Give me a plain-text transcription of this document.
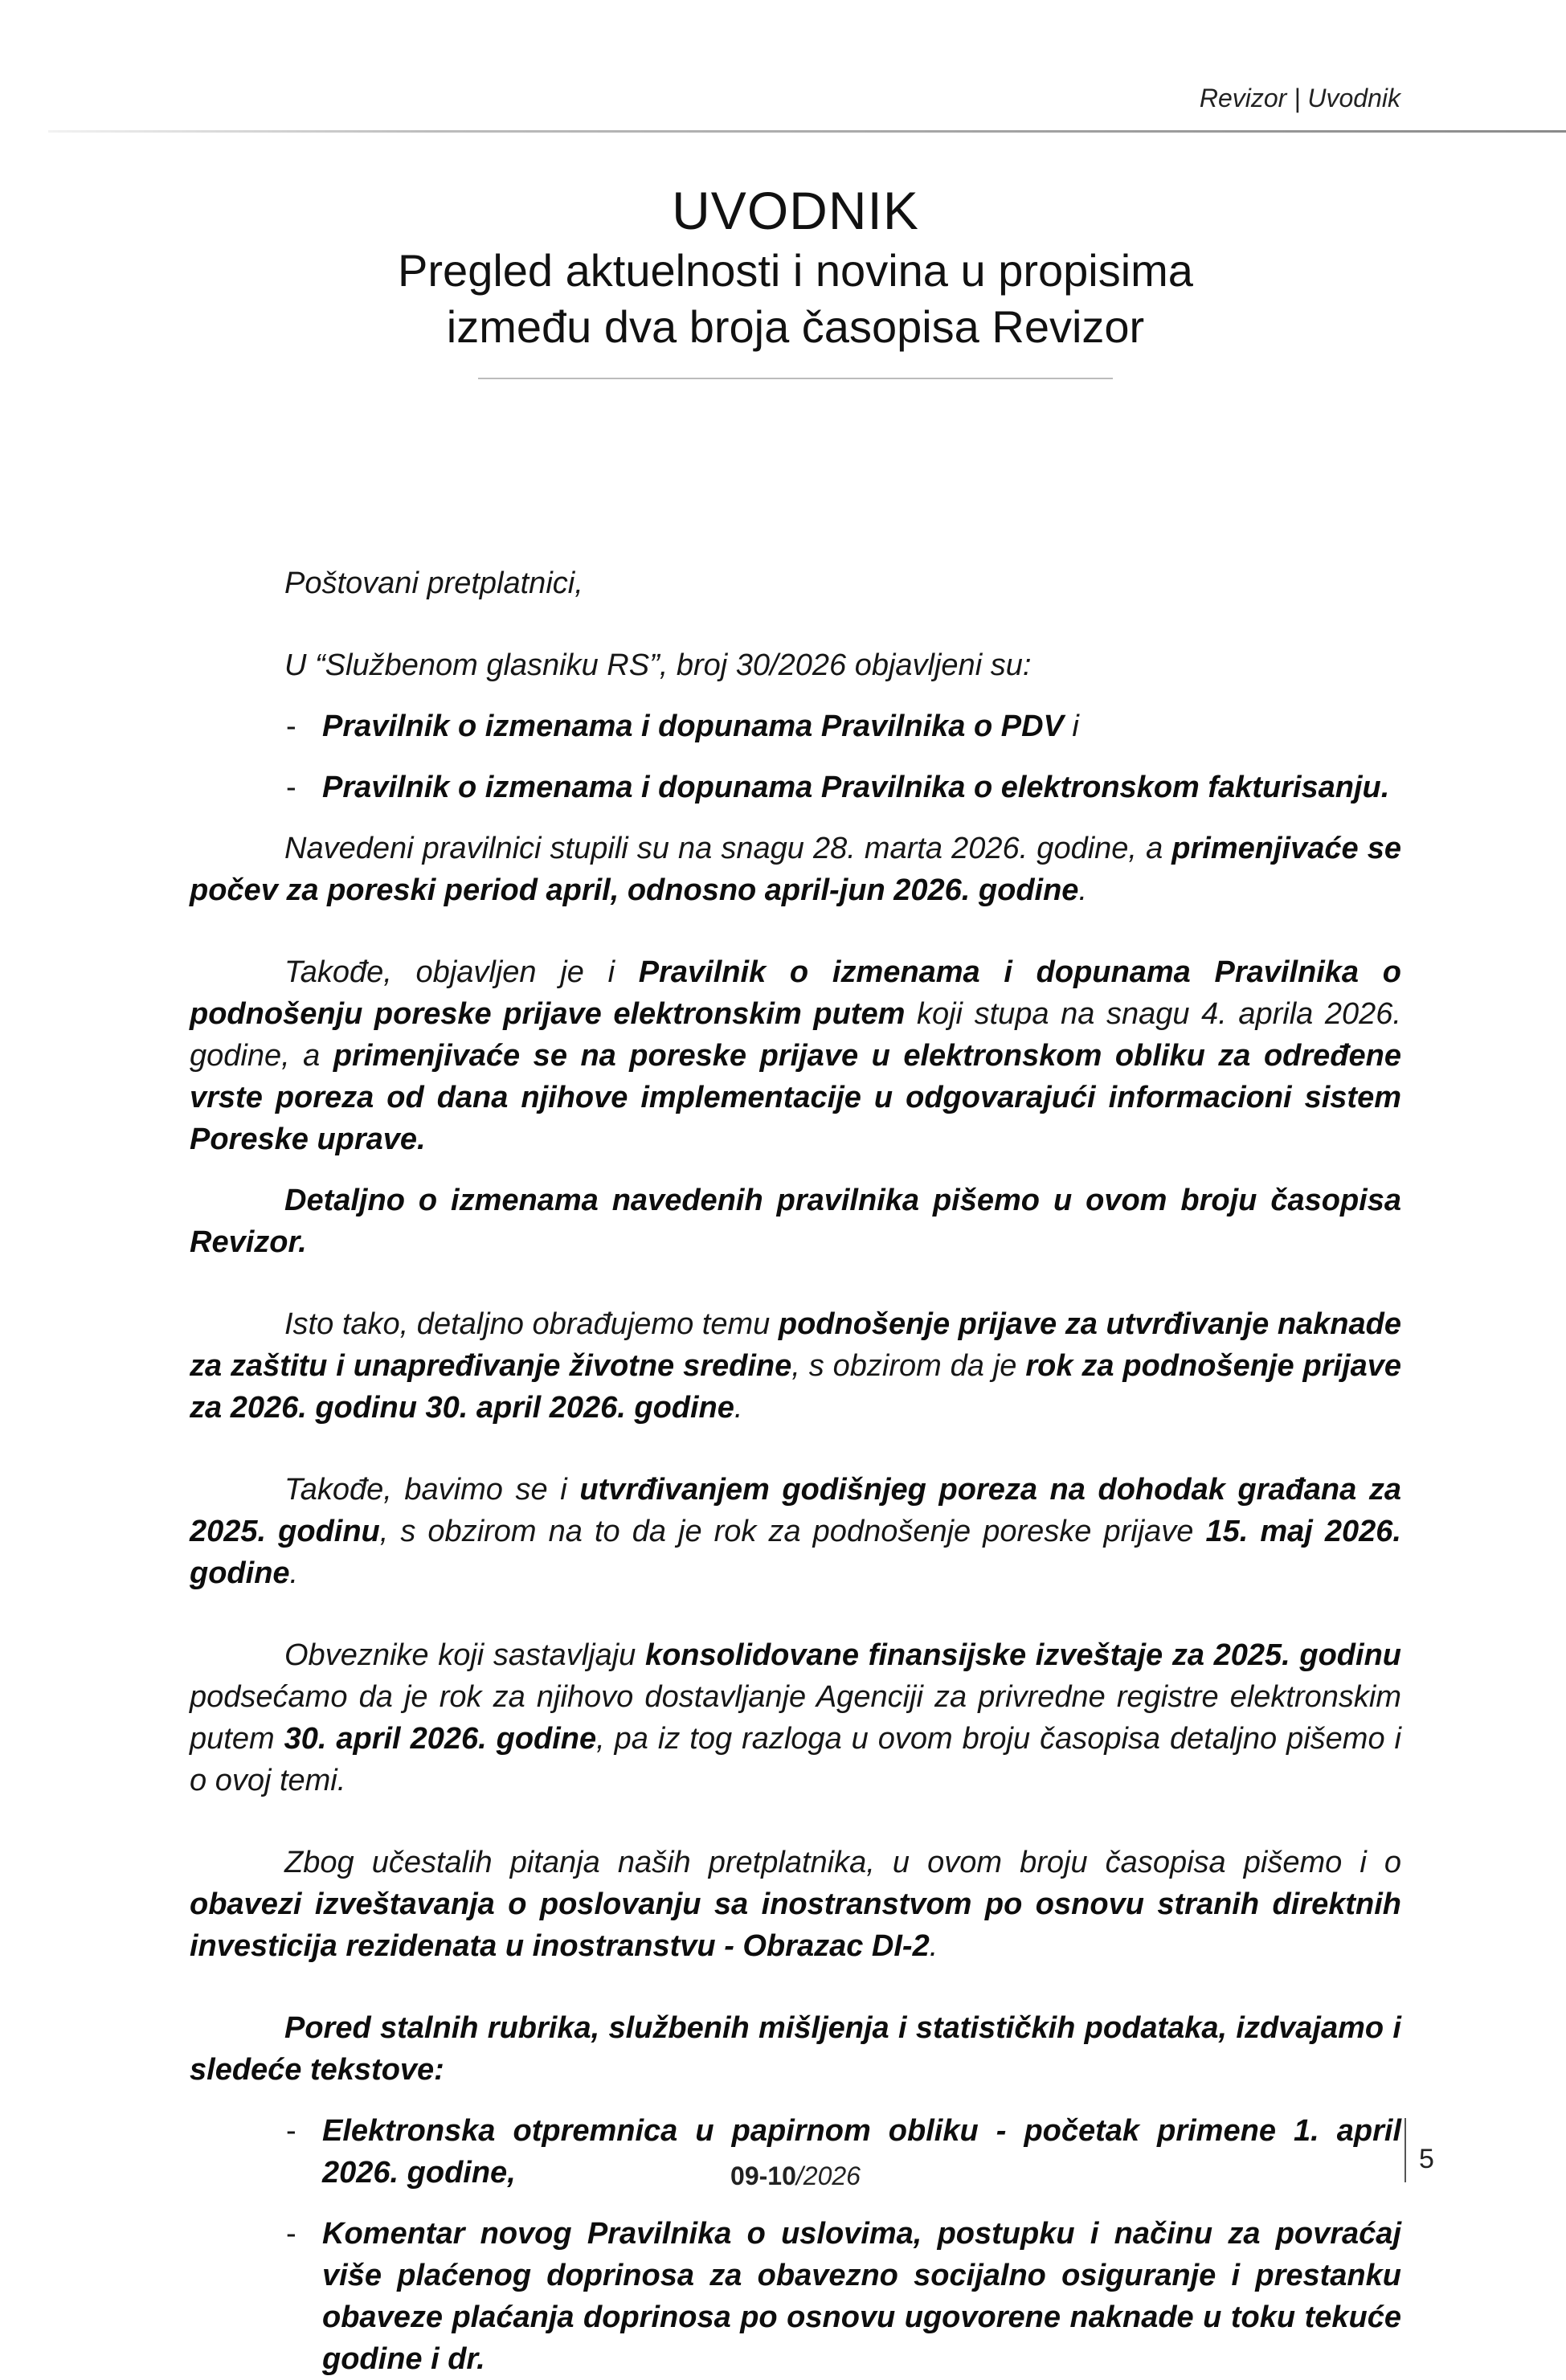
Revizor | Uvodnik
UVODNIK
Pregled aktuelnosti i novina u propisima
između dva broja časopisa Revizor

Poštovani pretplatnici,

U “Službenom glasniku RS”, broj 30/2026 objavljeni su:

- Pravilnik o izmenama i dopunama Pravilnika o PDV i
- Pravilnik o izmenama i dopunama Pravilnika o elektronskom fakturisanju.

Navedeni pravilnici stupili su na snagu 28. marta 2026. godine, a primenjivaće se počev za poreski period april, odnosno april-jun 2026. godine.

Takođe, objavljen je i Pravilnik o izmenama i dopunama Pravilnika o podnošenju poreske prijave elektronskim putem koji stupa na snagu 4. aprila 2026. godine, a primenjivaće se na poreske prijave u elektronskom obliku za određene vrste poreza od dana njihove implementacije u odgovarajući informacioni sistem Poreske uprave.

Detaljno o izmenama navedenih pravilnika pišemo u ovom broju časopisa Revizor.

Isto tako, detaljno obrađujemo temu podnošenje prijave za utvrđivanje naknade za zaštitu i unapređivanje životne sredine, s obzirom da je rok za podnošenje prijave za 2026. godinu 30. april 2026. godine.

Takođe, bavimo se i utvrđivanjem godišnjeg poreza na dohodak građana za 2025. godinu, s obzirom na to da je rok za podnošenje poreske prijave 15. maj 2026. godine.

Obveznike koji sastavljaju konsolidovane finansijske izveštaje za 2025. godinu podsećamo da je rok za njihovo dostavljanje Agenciji za privredne registre elektronskim putem 30. april 2026. godine, pa iz tog razloga u ovom broju časopisa detaljno pišemo i o ovoj temi.

Zbog učestalih pitanja naših pretplatnika, u ovom broju časopisa pišemo i o obavezi izveštavanja o poslovanju sa inostranstvom po osnovu stranih direktnih investicija rezidenata u inostranstvu - Obrazac DI-2.

Pored stalnih rubrika, službenih mišljenja i statističkih podataka, izdvajamo i sledeće tekstove:

- Elektronska otpremnica u papirnom obliku - početak primene 1. april 2026. godine,
- Komentar novog Pravilnika o uslovima, postupku i načinu za povraćaj više plaćenog doprinosa za obavezno socijalno osiguranje i prestanku obaveze plaćanja doprinosa po osnovu ugovorene naknade u toku tekuće godine i dr.
09-10/2026
5
